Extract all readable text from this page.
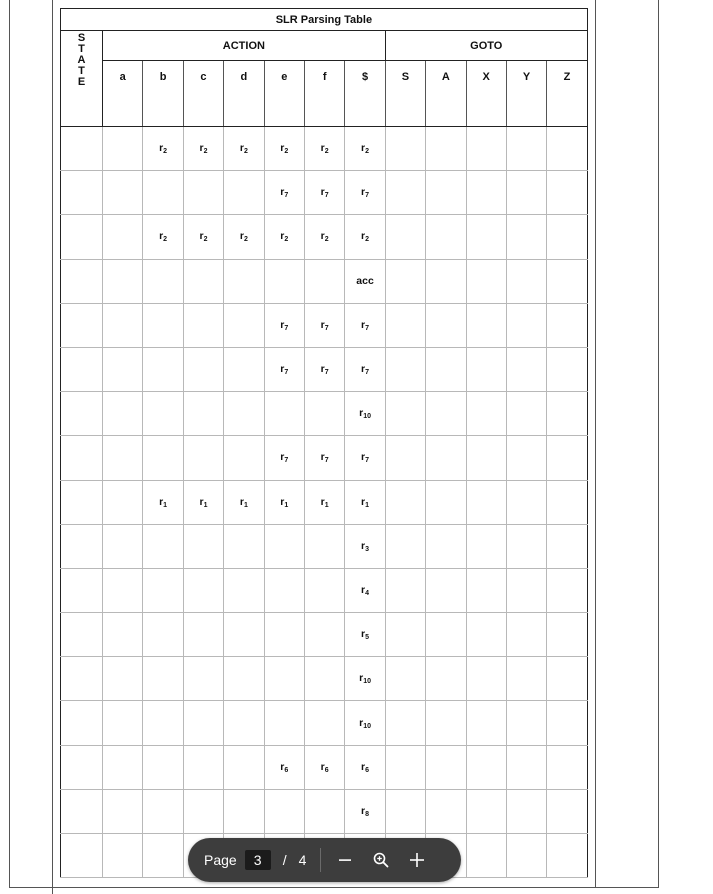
SLR Parsing Table												
S
T
A
T
E	ACTION							GOTO				
	a	b	c	d	e	f	$	S	A	X	Y	Z
		$r_2$	$r_2$	$r_2$	$r_2$	$r_2$	$r_2$					
					$r_7$	$r_7$	$r_7$					
		$r_2$	$r_2$	$r_2$	$r_2$	$r_2$	$r_2$					
							acc					
					$r_7$	$r_7$	$r_7$					
					$r_7$	$r_7$	$r_7$					
							$r_{10}$					
					$r_7$	$r_7$	$r_7$					
		$r_1$	$r_1$	$r_1$	$r_1$	$r_1$	$r_1$					
							$r_3$					
							$r_4$					
							$r_5$					
							$r_{10}$					
							$r_{10}$					
					$r_6$	$r_6$	$r_6$					
							$r_8$					

Page	3	/ 4
